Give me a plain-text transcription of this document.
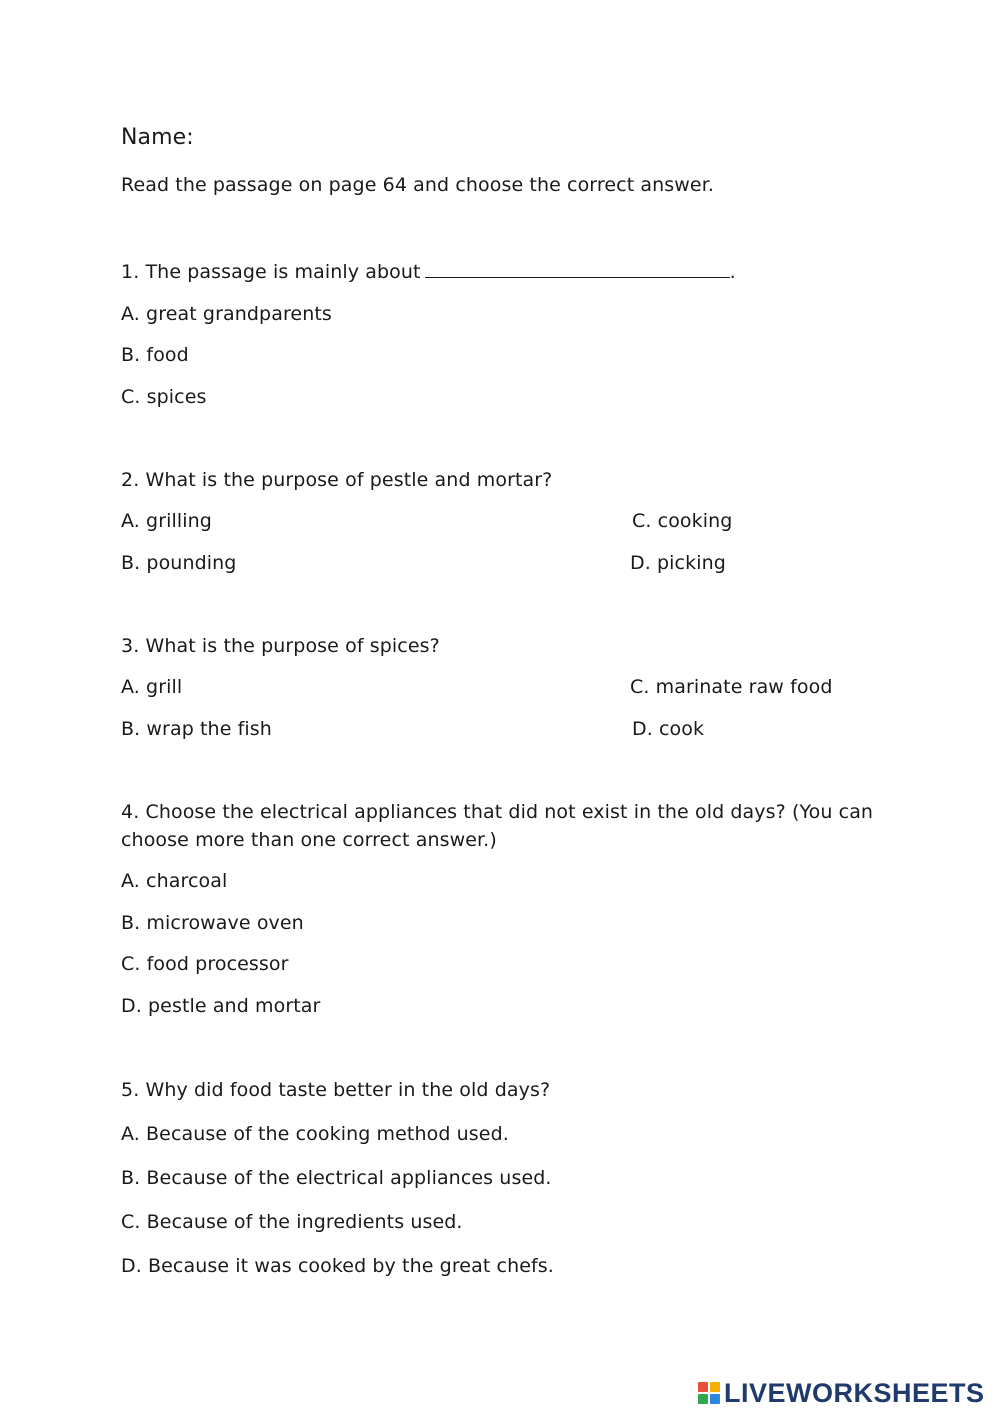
Name:
Read the passage on page 64 and choose the correct answer.
1. The passage is mainly about	.
A. great grandparents
B. food
C. spices
2. What is the purpose of pestle and mortar?
A. grilling
B. pounding
C. cooking
D. picking
3. What is the purpose of spices?
A. grill
B. wrap the fish
C. marinate raw food
D. cook
4. Choose the electrical appliances that did not exist in the old days? (You can choose more than one correct answer.)
A. charcoal
B. microwave oven
C. food processor
D. pestle and mortar
5. Why did food taste better in the old days?
A. Because of the cooking method used.
B. Because of the electrical appliances used.
C. Because of the ingredients used.
D. Because it was cooked by the great chefs.
LIVEWORKSHEETS
